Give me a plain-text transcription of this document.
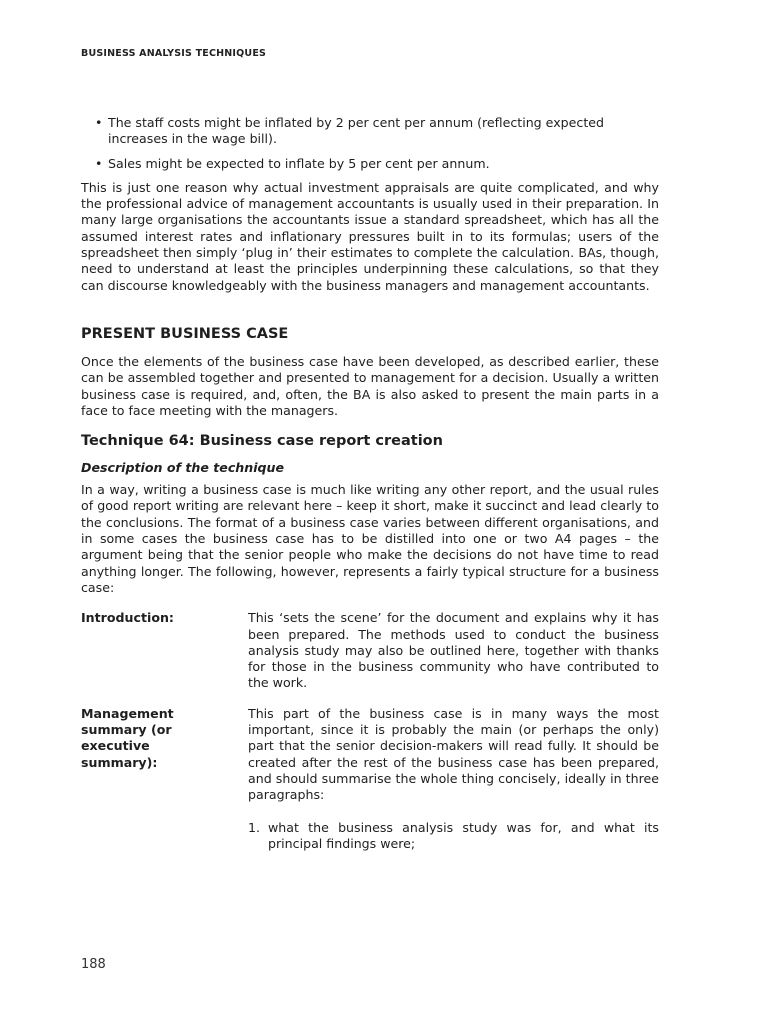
BUSINESS ANALYSIS TECHNIQUES
• The staff costs might be inflated by 2 per cent per annum (reflecting expected increases in the wage bill).
• Sales might be expected to inflate by 5 per cent per annum.

This is just one reason why actual investment appraisals are quite complicated, and why the professional advice of management accountants is usually used in their preparation. In many large organisations the accountants issue a standard spreadsheet, which has all the assumed interest rates and inflationary pressures built in to its formulas; users of the spreadsheet then simply ‘plug in’ their estimates to complete the calculation. BAs, though, need to understand at least the principles underpinning these calculations, so that they can discourse knowledgeably with the business managers and management accountants.

PRESENT BUSINESS CASE

Once the elements of the business case have been developed, as described earlier, these can be assembled together and presented to management for a decision. Usually a written business case is required, and, often, the BA is also asked to present the main parts in a face to face meeting with the managers.

Technique 64: Business case report creation
Description of the technique

In a way, writing a business case is much like writing any other report, and the usual rules of good report writing are relevant here – keep it short, make it succinct and lead clearly to the conclusions. The format of a business case varies between different organisations, and in some cases the business case has to be distilled into one or two A4 pages – the argument being that the senior people who make the decisions do not have time to read anything longer. The following, however, represents a fairly typical structure for a business case:

Introduction:	This ‘sets the scene’ for the document and explains why it has been prepared. The methods used to conduct the business analysis study may also be outlined here, together with thanks for those in the business community who have contributed to the work.
Management summary (or executive summary):
This part of the business case is in many ways the most important, since it is probably the main (or perhaps the only) part that the senior decision-makers will read fully. It should be created after the rest of the business case has been prepared, and should summarise the whole thing concisely, ideally in three paragraphs:
1. what the business analysis study was for, and what its principal findings were;
188
